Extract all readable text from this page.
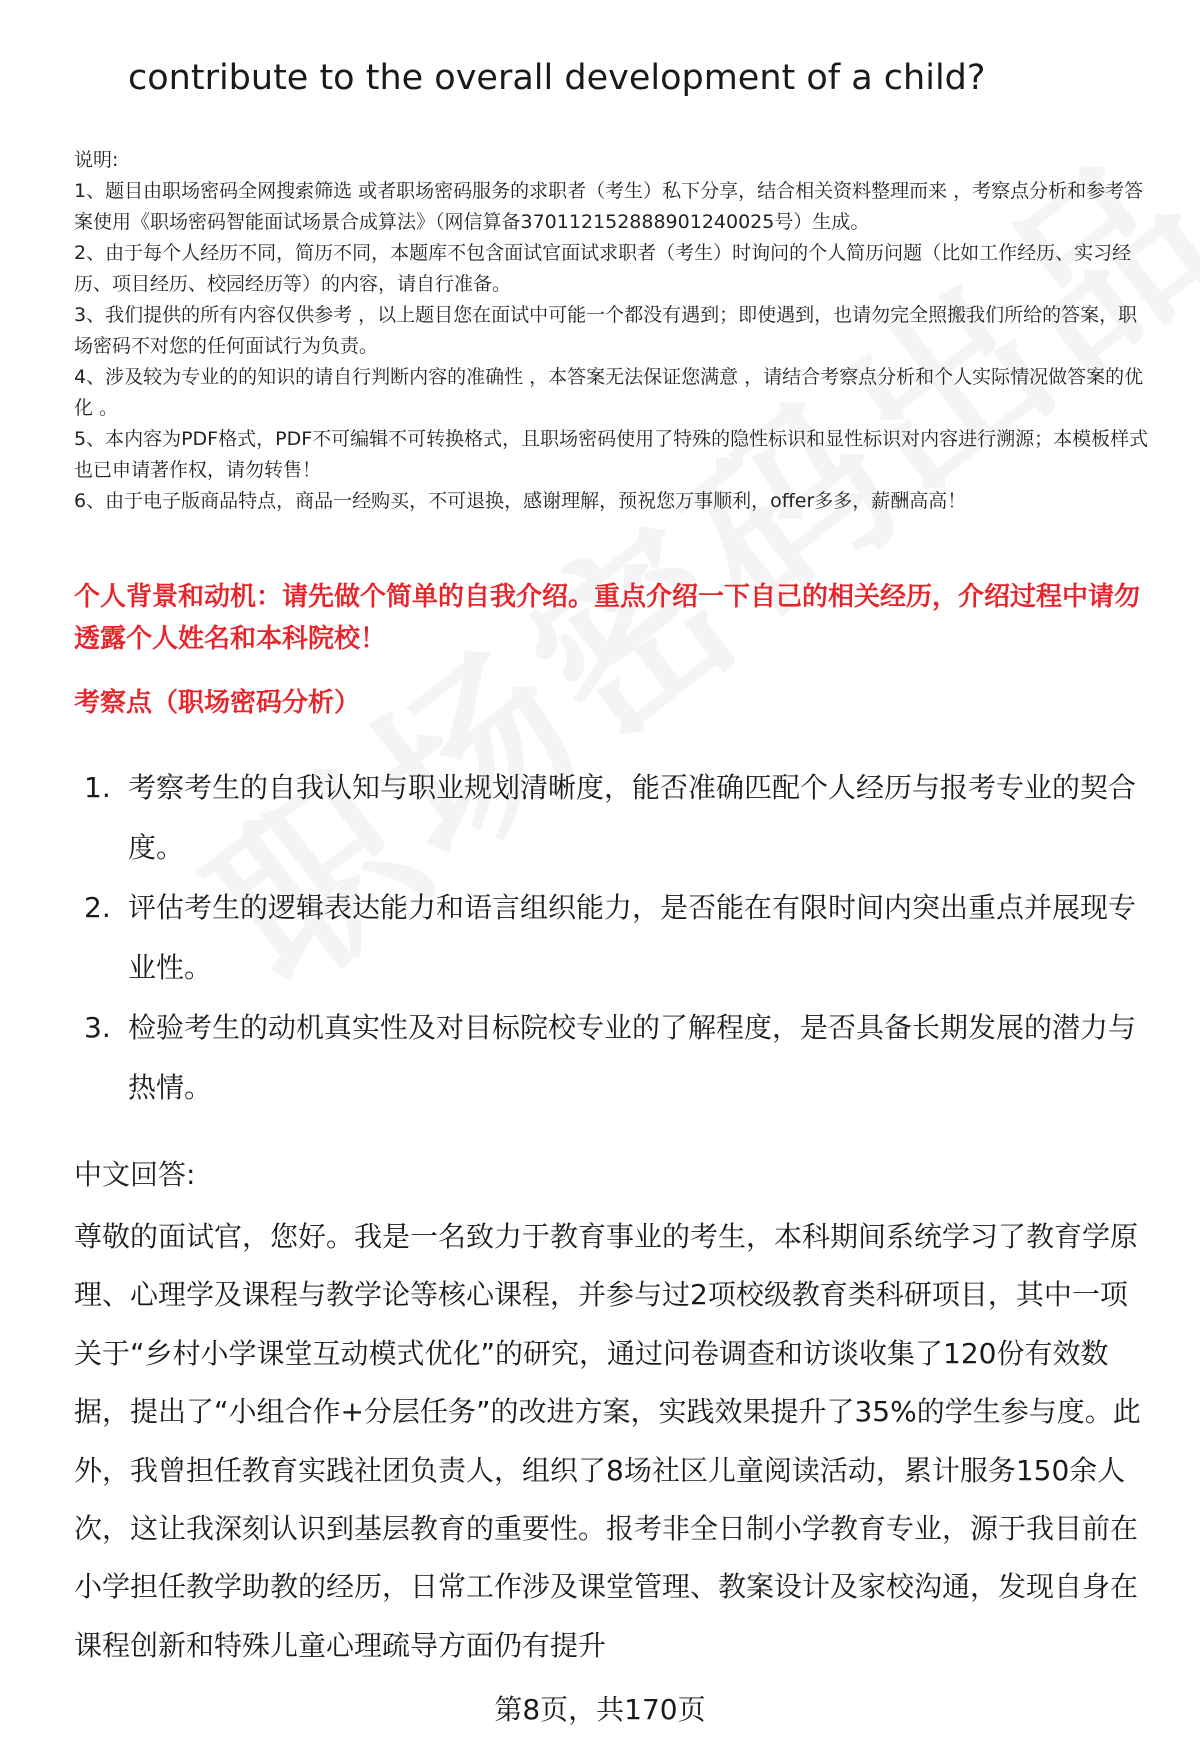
contribute to the overall development of a child?

说明:

1、题目由职场密码全网搜索筛选 或者职场密码服务的求职者（考生）私下分享，结合相关资料整理而来 ，考察点分析和参考答案使用《职场密码智能面试场景合成算法》（网信算备370112152888901240025号）生成。

2、由于每个人经历不同，简历不同，本题库不包含面试官面试求职者（考生）时询问的个人简历问题（比如工作经历、实习经历、项目经历、校园经历等）的内容，请自行准备。

3、我们提供的所有内容仅供参考 ，以上题目您在面试中可能一个都没有遇到；即使遇到，也请勿完全照搬我们所给的答案，职场密码不对您的任何面试行为负责。

4、涉及较为专业的的知识的请自行判断内容的准确性 ，本答案无法保证您满意 ，请结合考察点分析和个人实际情况做答案的优化 。

5、本内容为PDF格式，PDF不可编辑不可转换格式，且职场密码使用了特殊的隐性标识和显性标识对内容进行溯源；本模板样式也已申请著作权，请勿转售！

6、由于电子版商品特点，商品一经购买，不可退换，感谢理解，预祝您万事顺利，offer多多，薪酬高高！

个人背景和动机：请先做个简单的自我介绍。重点介绍一下自己的相关经历，介绍过程中请勿透露个人姓名和本科院校！
考察点（职场密码分析）
1. 考察考生的自我认知与职业规划清晰度，能否准确匹配个人经历与报考专业的契合度。
2. 评估考生的逻辑表达能力和语言组织能力，是否能在有限时间内突出重点并展现专业性。
3. 检验考生的动机真实性及对目标院校专业的了解程度，是否具备长期发展的潜力与热情。
中文回答:

尊敬的面试官，您好。我是一名致力于教育事业的考生，本科期间系统学习了教育学原理、心理学及课程与教学论等核心课程，并参与过2项校级教育类科研项目，其中一项关于“乡村小学课堂互动模式优化”的研究，通过问卷调查和访谈收集了120份有效数据，提出了“小组合作+分层任务”的改进方案，实践效果提升了35%的学生参与度。此外，我曾担任教育实践社团负责人，组织了8场社区儿童阅读活动，累计服务150余人次，这让我深刻认识到基层教育的重要性。报考非全日制小学教育专业，源于我目前在小学担任教学助教的经历，日常工作涉及课堂管理、教案设计及家校沟通，发现自身在课程创新和特殊儿童心理疏导方面仍有提升

第8页，共170页
